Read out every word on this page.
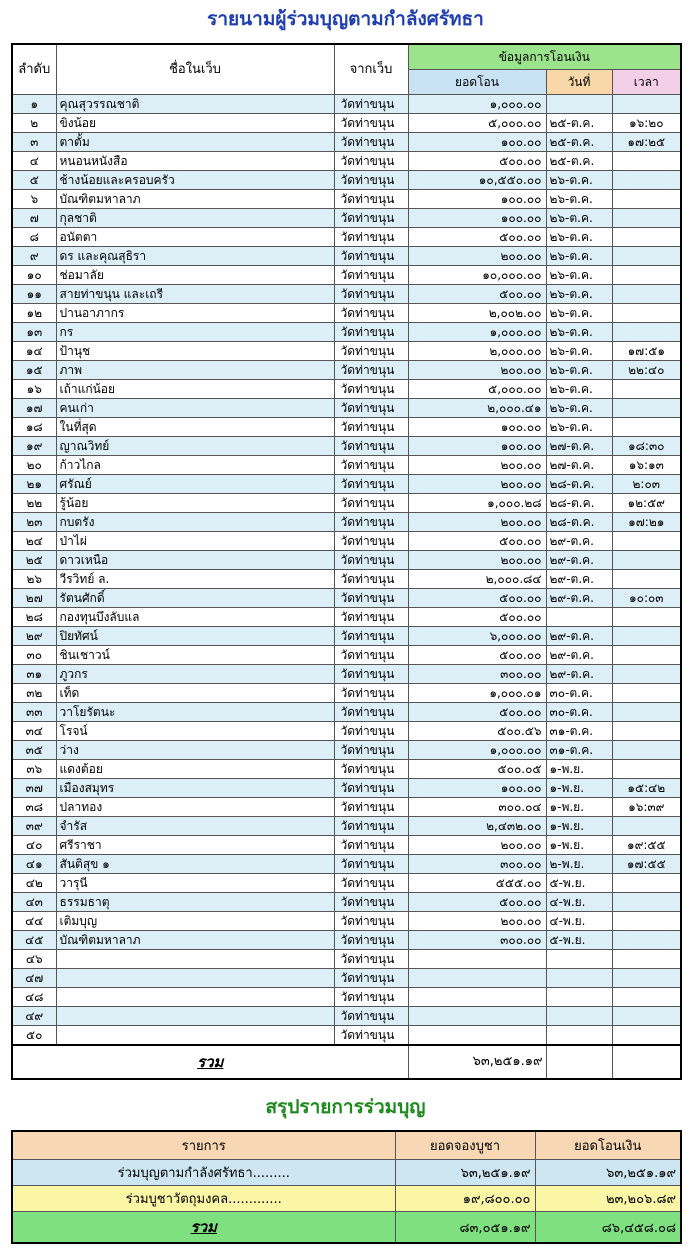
รายนามผู้ร่วมบุญตามกำลังศรัทธา
ลำดับ	ชื่อในเว็บ	จากเว็บ	ข้อมูลการโอนเงิน		
			ยอดโอน	วันที่	เวลา
๑	คุณสุวรรณชาติ	วัดท่าขนุน	๑,๐๐๐.๐๐		
๒	ขิงน้อย	วัดท่าขนุน	๕,๐๐๐.๐๐	๒๕-ต.ค.	๑๖:๒๐
๓	ตาตั้ม	วัดท่าขนุน	๑๐๐.๐๐	๒๕-ต.ค.	๑๗:๒๕
๔	หนอนหนังสือ	วัดท่าขนุน	๕๐๐.๐๐	๒๕-ต.ค.	
๕	ช้างน้อยและครอบครัว	วัดท่าขนุน	๑๐,๕๕๐.๐๐	๒๖-ต.ค.	
๖	บัณฑิตมหาลาภ	วัดท่าขนุน	๑๐๐.๐๐	๒๖-ต.ค.	
๗	กุลชาติ	วัดท่าขนุน	๑๐๐.๐๐	๒๖-ต.ค.	
๘	อนัตตา	วัดท่าขนุน	๕๐๐.๐๐	๒๖-ต.ค.	
๙	ดร และคุณสุธิรา	วัดท่าขนุน	๒๐๐.๐๐	๒๖-ต.ค.	
๑๐	ช่อมาลัย	วัดท่าขนุน	๑๐,๐๐๐.๐๐	๒๖-ต.ค.	
๑๑	สายท่าขนุน และเถรี	วัดท่าขนุน	๕๐๐.๐๐	๒๖-ต.ค.	
๑๒	ปานอาภากร	วัดท่าขนุน	๒,๐๐๒.๐๐	๒๖-ต.ค.	
๑๓	กร	วัดท่าขนุน	๑,๐๐๐.๐๐	๒๖-ต.ค.	
๑๔	ป้านุช	วัดท่าขนุน	๒,๐๐๐.๐๐	๒๖-ต.ค.	๑๗:๕๑
๑๕	ภาพ	วัดท่าขนุน	๒๐๐.๐๐	๒๖-ต.ค.	๒๒:๔๐
๑๖	เถ้าแก่น้อย	วัดท่าขนุน	๕,๐๐๐.๐๐	๒๖-ต.ค.	
๑๗	คนเก่า	วัดท่าขนุน	๒,๐๐๐.๔๑	๒๖-ต.ค.	
๑๘	ในที่สุด	วัดท่าขนุน	๑๐๐.๐๐	๒๖-ต.ค.	
๑๙	ญาณวิทย์	วัดท่าขนุน	๑๐๐.๐๐	๒๗-ต.ค.	๑๘:๓๐
๒๐	ก้าวไกล	วัดท่าขนุน	๒๐๐.๐๐	๒๗-ต.ค.	๑๖:๑๓
๒๑	ศรัณย์	วัดท่าขนุน	๒๐๐.๐๐	๒๘-ต.ค.	๒:๐๓
๒๒	รู้น้อย	วัดท่าขนุน	๑,๐๐๐.๒๘	๒๘-ต.ค.	๑๒:๕๙
๒๓	กบตรัง	วัดท่าขนุน	๒๐๐.๐๐	๒๘-ต.ค.	๑๗:๒๑
๒๔	ป่าไผ่	วัดท่าขนุน	๕๐๐.๐๐	๒๙-ต.ค.	
๒๕	ดาวเหนือ	วัดท่าขนุน	๒๐๐.๐๐	๒๙-ต.ค.	
๒๖	วีรวิทย์ ล.	วัดท่าขนุน	๒,๐๐๐.๘๔	๒๙-ต.ค.	
๒๗	รัตนศักดิ์	วัดท่าขนุน	๕๐๐.๐๐	๒๙-ต.ค.	๑๐:๐๓
๒๘	กองทุนบึงลับแล	วัดท่าขนุน	๕๐๐.๐๐		
๒๙	ปิยทัศน์	วัดท่าขนุน	๖,๐๐๐.๐๐	๒๙-ต.ค.	
๓๐	ชินเชาวน์	วัดท่าขนุน	๕๐๐.๐๐	๒๙-ต.ค.	
๓๑	ภูวกร	วัดท่าขนุน	๓๐๐.๐๐	๒๙-ต.ค.	
๓๒	เท็ด	วัดท่าขนุน	๑,๐๐๐.๐๑	๓๐-ต.ค.	
๓๓	วาโยรัตนะ	วัดท่าขนุน	๕๐๐.๐๐	๓๐-ต.ค.	
๓๔	โรจน์	วัดท่าขนุน	๕๐๐.๕๖	๓๑-ต.ค.	
๓๕	ว่าง	วัดท่าขนุน	๑,๐๐๐.๐๐	๓๑-ต.ค.	
๓๖	แดงต้อย	วัดท่าขนุน	๕๐๐.๐๕	๑-พ.ย.	
๓๗	เมืองสมุทร	วัดท่าขนุน	๑๐๐.๐๐	๑-พ.ย.	๑๕:๔๒
๓๘	ปลาทอง	วัดท่าขนุน	๓๐๐.๐๔	๑-พ.ย.	๑๖:๓๙
๓๙	จำรัส	วัดท่าขนุน	๒,๔๓๒.๐๐	๑-พ.ย.	
๔๐	ศรีราชา	วัดท่าขนุน	๒๐๐.๐๐	๑-พ.ย.	๑๙:๕๕
๔๑	สันติสุข ๑	วัดท่าขนุน	๓๐๐.๐๐	๒-พ.ย.	๑๗:๕๕
๔๒	วารุนี	วัดท่าขนุน	๕๕๕.๐๐	๕-พ.ย.	
๔๓	ธรรมธาตุ	วัดท่าขนุน	๕๐๐.๐๐	๔-พ.ย.	
๔๔	เติมบุญ	วัดท่าขนุน	๒๐๐.๐๐	๔-พ.ย.	
๔๕	บัณฑิตมหาลาภ	วัดท่าขนุน	๓๐๐.๐๐	๕-พ.ย.	
๔๖		วัดท่าขนุน			
๔๗		วัดท่าขนุน			
๔๘		วัดท่าขนุน			
๔๙		วัดท่าขนุน			
๕๐		วัดท่าขนุน			
รวม			๖๓,๒๕๑.๑๙		
สรุปรายการร่วมบุญ
รายการ	ยอดจองบูชา	ยอดโอนเงิน
ร่วมบุญตามกำลังศรัทธา.........	๖๓,๒๕๑.๑๙	๖๓,๒๕๑.๑๙
ร่วมบูชาวัตถุมงคล.............	๑๙,๘๐๐.๐๐	๒๓,๒๐๖.๘๙
รวม	๘๓,๐๕๑.๑๙	๘๖,๔๕๘.๐๘
